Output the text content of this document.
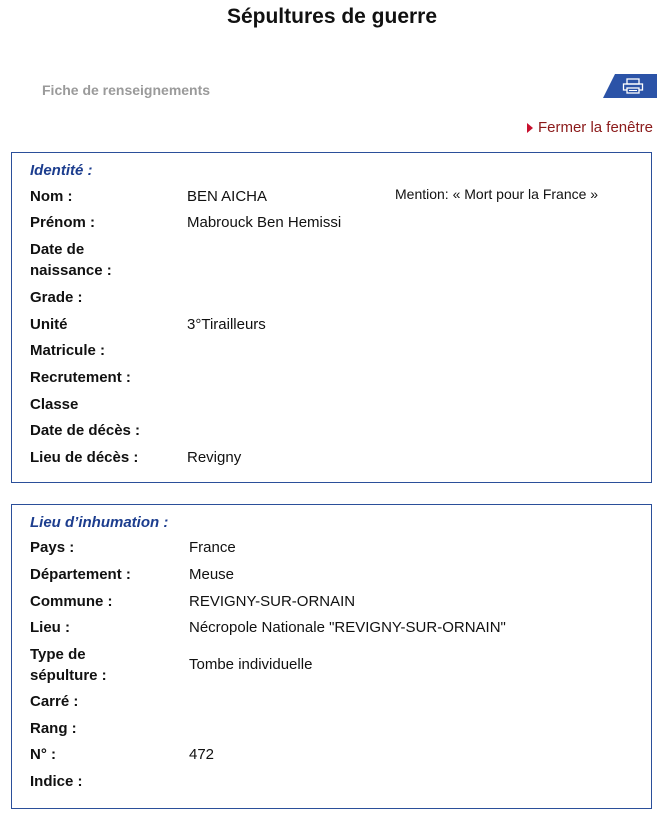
Sépultures de guerre
Fiche de renseignements
Fermer la fenêtre
Identité :
Mention: « Mort pour la France »
Nom :	BEN AICHA
Prénom :	Mabrouck Ben Hemissi
Date de naissance :
Grade :
Unité	3°Tirailleurs
Matricule :
Recrutement :
Classe
Date de décès :
Lieu de décès :	Revigny
Lieu d’inhumation :
Pays :	France
Département :	Meuse
Commune :	REVIGNY-SUR-ORNAIN
Lieu :	Nécropole Nationale "REVIGNY-SUR-ORNAIN"
Type de sépulture :
Tombe individuelle
Carré :
Rang :
N° :	472
Indice :
